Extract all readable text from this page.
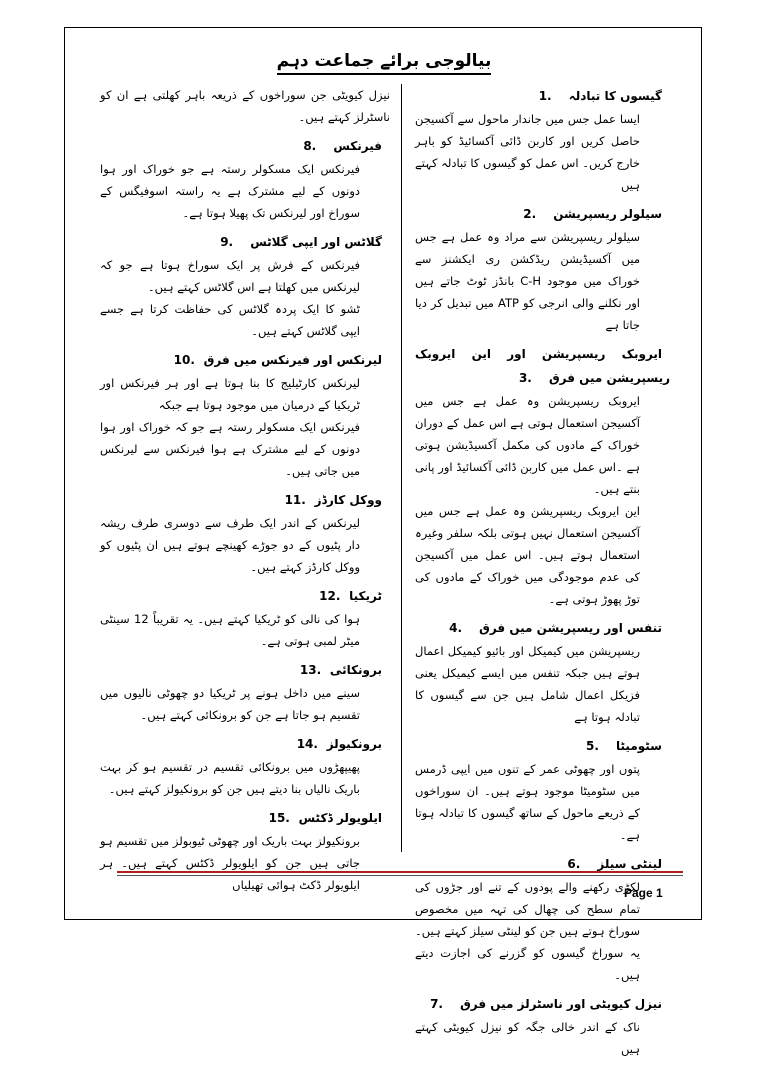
بیالوجی برائے جماعت دہم
گیسوں کا تبادلہ1.
ایسا عمل جس میں جاندار ماحول سے آکسیجن حاصل کریں اور کاربن ڈائی آکسائیڈ کو باہر خارج کریں۔ اس عمل کو گیسوں کا تبادلہ کہتے ہیں
سیلولر ریسپریشن2.
سیلولر ریسپریشن سے مراد وہ عمل ہے جس میں آکسیڈیشن ریڈکشن ری ایکشنز سے خوراک میں موجود C-H بانڈز ٹوٹ جاتے ہیں اور نکلنے والی انرجی کو ATP میں تبدیل کر دیا جاتا ہے
ایروبک ریسپریشن اور این ایروبک ریسپریشن میں فرق3.
ایروبک ریسپریشن وہ عمل ہے جس میں آکسیجن استعمال ہوتی ہے اس عمل کے دوران خوراک کے مادوں کی مکمل آکسیڈیشن ہوتی ہے ۔اس عمل میں کاربن ڈائی آکسائیڈ اور پانی بنتے ہیں۔
این ایروبک ریسپریشن وہ عمل ہے جس میں آکسیجن استعمال نہیں ہوتی بلکہ سلفر وغیرہ استعمال ہوتے ہیں۔ اس عمل میں آکسیجن کی عدم موجودگی میں خوراک کے مادوں کی توڑ پھوڑ ہوتی ہے۔
تنفس اور ریسپریشن میں فرق4.
ریسپریشن میں کیمیکل اور بائیو کیمیکل اعمال ہوتے ہیں جبکہ تنفس میں ایسے کیمیکل یعنی فزیکل اعمال شامل ہیں جن سے گیسوں کا تبادلہ ہوتا ہے
سٹومیٹا5.
پتوں اور چھوٹی عمر کے تنوں میں ایپی ڈرمس میں سٹومیٹا موجود ہوتے ہیں۔ ان سوراخوں کے ذریعے ماحول کے ساتھ گیسوں کا تبادلہ ہوتا ہے۔
لینٹی سیلز6.
لکڑی رکھنے والے پودوں کے تنے اور جڑوں کی تمام سطح کی چھال کی تہہ میں مخصوص سوراخ ہوتے ہیں جن کو لینٹی سیلز کہتے ہیں۔ یہ سوراخ گیسوں کو گزرنے کی اجازت دیتے ہیں۔
نیزل کیویٹی اور ناسٹرلز میں فرق7.
ناک کے اندر خالی جگہ کو نیزل کیویٹی کہتے ہیں
نیزل کیویٹی جن سوراخوں کے ذریعہ باہر کھلتی ہے ان کو ناسٹرلز کہتے ہیں۔
فیرنکس8.
فیرنکس ایک مسکولر رستہ ہے جو خوراک اور ہوا دونوں کے لیے مشترک ہے یہ راستہ اسوفیگس کے سوراخ اور لیرنکس تک پھیلا ہوتا ہے۔
گلاٹس اور ایپی گلاٹس9.
فیرنکس کے فرش پر ایک سوراخ ہوتا ہے جو کہ لیرنکس میں کھلتا ہے اس گلاٹس کہتے ہیں۔
ٹشو کا ایک پردہ گلاٹس کی حفاظت کرتا ہے جسے ایپی گلاٹس کہتے ہیں۔
لیرنکس اور فیرنکس میں فرق10.
لیرنکس کارٹیلیج کا بنا ہوتا ہے اور ہر فیرنکس اور ٹریکیا کے درمیان میں موجود ہوتا ہے جبکہ
فیرنکس ایک مسکولر رستہ ہے جو کہ خوراک اور ہوا دونوں کے لیے مشترک ہے ہوا فیرنکس سے لیرنکس میں جاتی ہیں۔
ووکل کارڈز11.
لیرنکس کے اندر ایک طرف سے دوسری طرف ریشہ دار پٹیوں کے دو جوڑے کھینچے ہوتے ہیں ان پٹیوں کو ووکل کارڈز کہتے ہیں۔
ٹریکیا12.
ہوا کی نالی کو ٹریکیا کہتے ہیں۔ یہ تقریباً 12 سینٹی میٹر لمبی ہوتی ہے۔
برونکائی13.
سینے میں داخل ہونے پر ٹریکیا دو چھوٹی نالیوں میں تقسیم ہو جاتا ہے جن کو برونکائی کہتے ہیں۔
برونکیولز14.
پھیپھڑوں میں برونکائی تقسیم در تقسیم ہو کر بہت باریک نالیاں بنا دیتے ہیں جن کو برونکیولز کہتے ہیں۔
ایلویولر ڈکٹس15.
برونکیولز بہت باریک اور چھوٹی ٹیوبولز میں تقسیم ہو جاتی ہیں جن کو ایلویولر ڈکٹس کہتے ہیں۔ ہر ایلویولر ڈکٹ ہوائی تھیلیاں
Page 1
